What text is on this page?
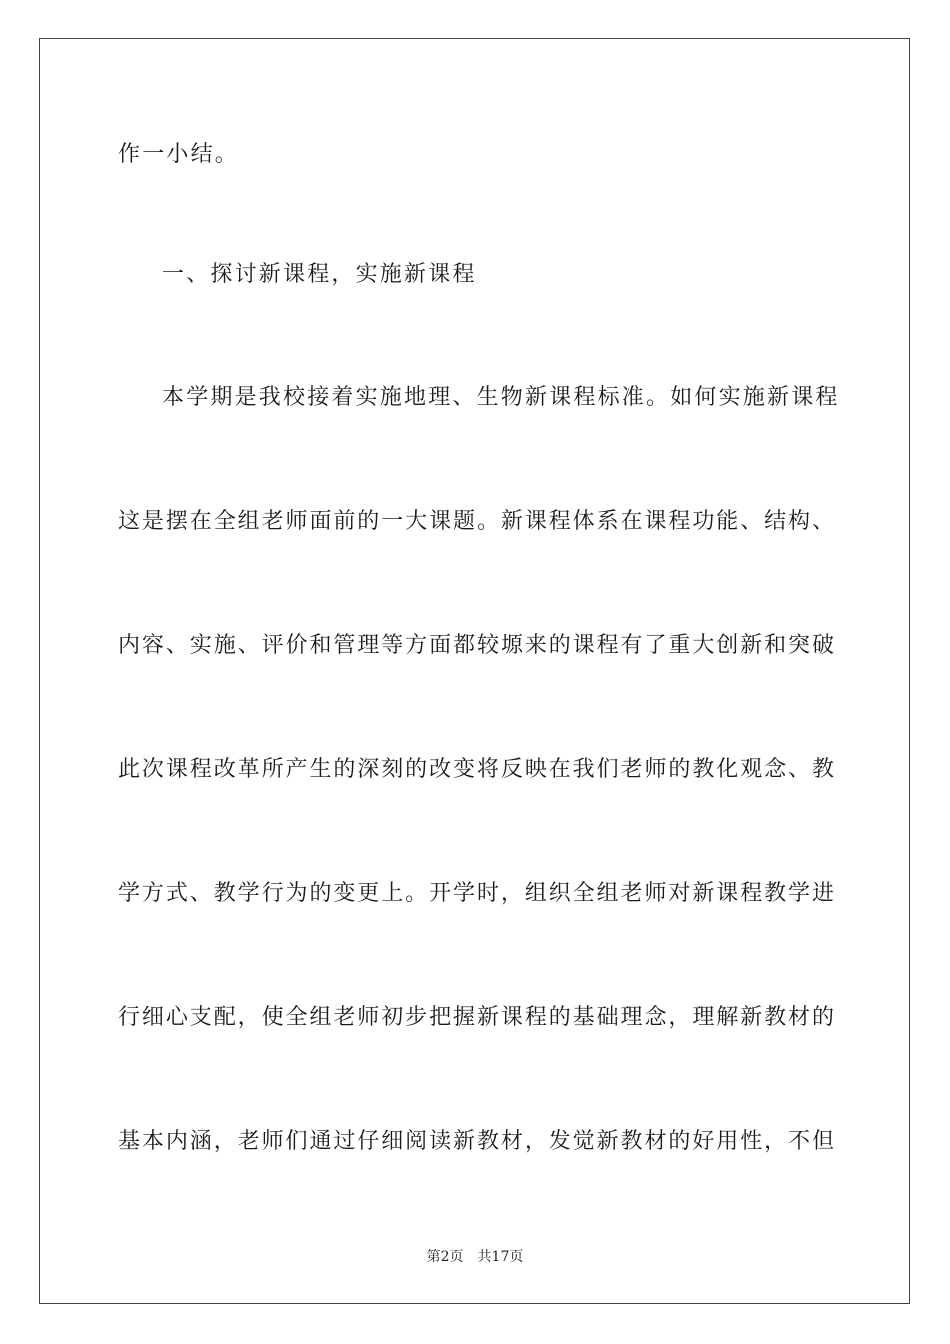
作一小结。
一、探讨新课程，实施新课程
本学期是我校接着实施地理、生物新课程标准。如何实施新课程
这是摆在全组老师面前的一大课题。新课程体系在课程功能、结构、
内容、实施、评价和管理等方面都较塬来的课程有了重大创新和突破
此次课程改革所产生的深刻的改变将反映在我们老师的教化观念、教
学方式、教学行为的变更上。开学时，组织全组老师对新课程教学进
行细心支配，使全组老师初步把握新课程的基础理念，理解新教材的
基本内涵，老师们通过仔细阅读新教材，发觉新教材的好用性，不但
第2页 共17页
